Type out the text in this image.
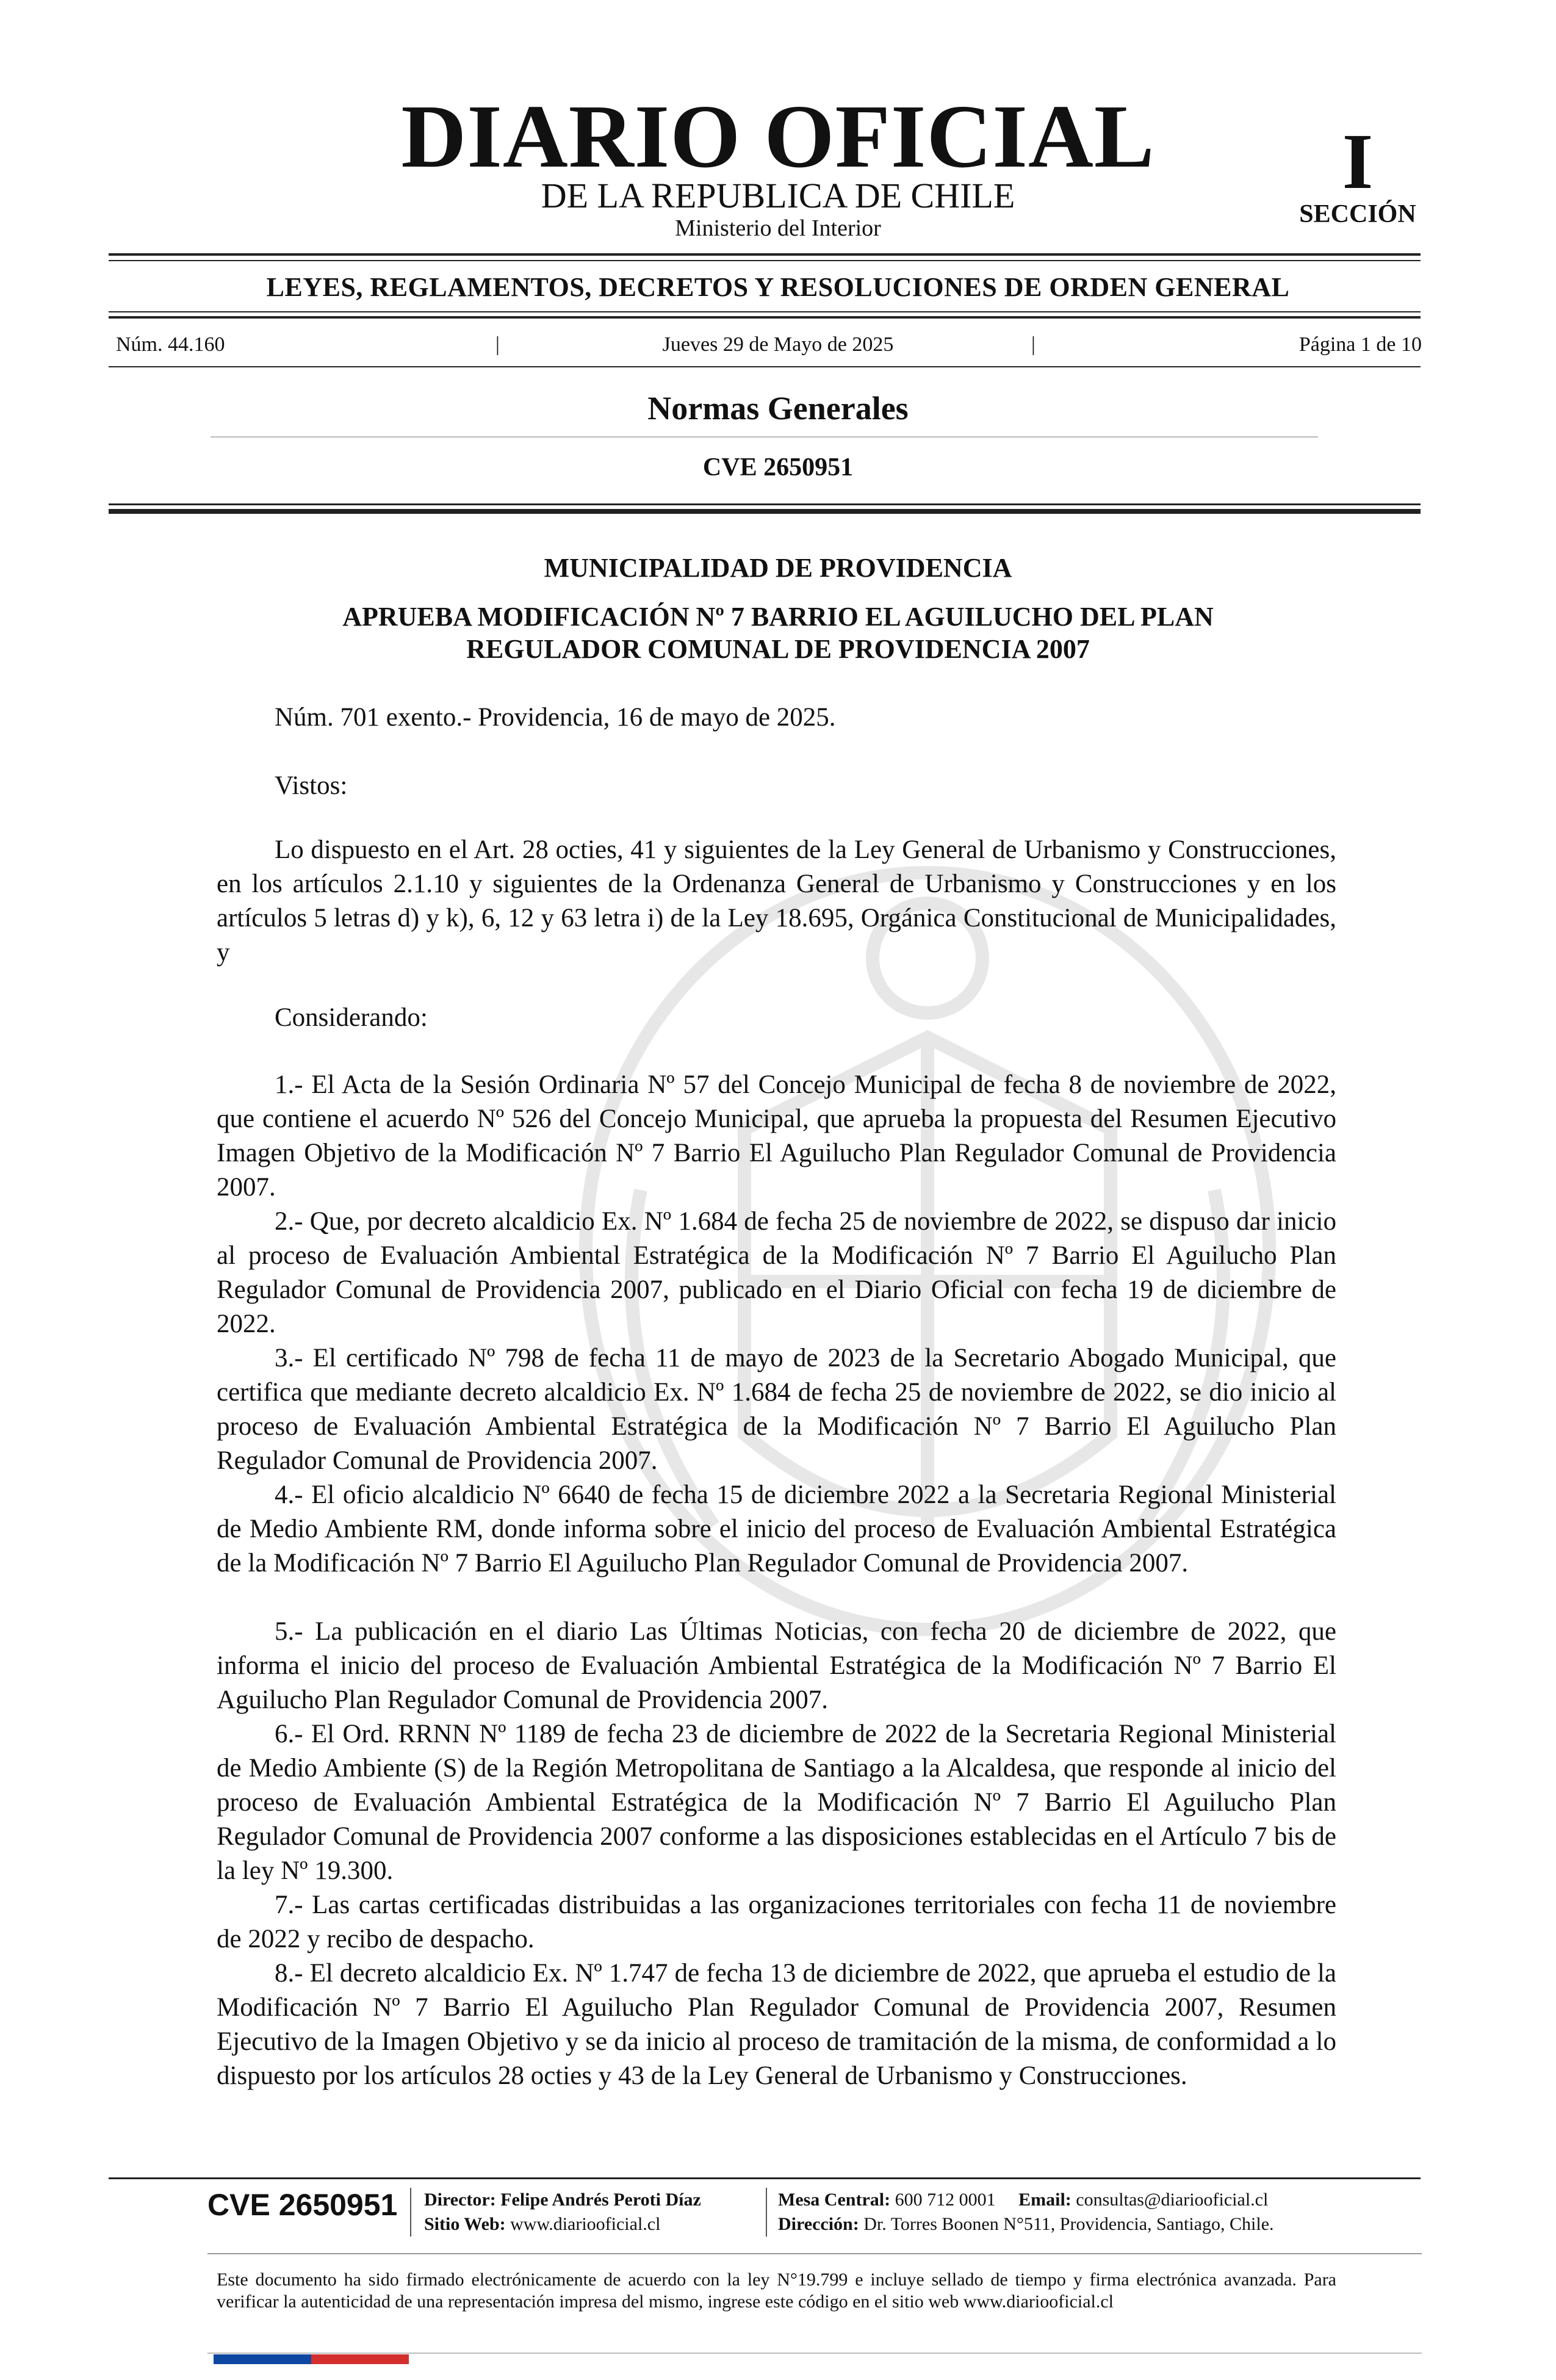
DIARIO OFICIAL
DE LA REPUBLICA DE CHILE
Ministerio del Interior
I
SECCIÓN
LEYES, REGLAMENTOS, DECRETOS Y RESOLUCIONES DE ORDEN GENERAL
Núm. 44.160	|	Jueves 29 de Mayo de 2025	|	Página 1 de 10
Normas Generales
CVE 2650951
MUNICIPALIDAD DE PROVIDENCIA
APRUEBA MODIFICACIÓN Nº 7 BARRIO EL AGUILUCHO DEL PLAN REGULADOR COMUNAL DE PROVIDENCIA 2007
Núm. 701 exento.- Providencia, 16 de mayo de 2025.
Vistos:
Lo dispuesto en el Art. 28 octies, 41 y siguientes de la Ley General de Urbanismo y Construcciones, en los artículos 2.1.10 y siguientes de la Ordenanza General de Urbanismo y Construcciones y en los artículos 5 letras d) y k), 6, 12 y 63 letra i) de la Ley 18.695, Orgánica Constitucional de Municipalidades, y
Considerando:
1.- El Acta de la Sesión Ordinaria Nº 57 del Concejo Municipal de fecha 8 de noviembre de 2022, que contiene el acuerdo Nº 526 del Concejo Municipal, que aprueba la propuesta del Resumen Ejecutivo Imagen Objetivo de la Modificación Nº 7 Barrio El Aguilucho Plan Regulador Comunal de Providencia 2007.
2.- Que, por decreto alcaldicio Ex. Nº 1.684 de fecha 25 de noviembre de 2022, se dispuso dar inicio al proceso de Evaluación Ambiental Estratégica de la Modificación Nº 7 Barrio El Aguilucho Plan Regulador Comunal de Providencia 2007, publicado en el Diario Oficial con fecha 19 de diciembre de 2022.
3.- El certificado Nº 798 de fecha 11 de mayo de 2023 de la Secretario Abogado Municipal, que certifica que mediante decreto alcaldicio Ex. Nº 1.684 de fecha 25 de noviembre de 2022, se dio inicio al proceso de Evaluación Ambiental Estratégica de la Modificación Nº 7 Barrio El Aguilucho Plan Regulador Comunal de Providencia 2007.
4.- El oficio alcaldicio Nº 6640 de fecha 15 de diciembre 2022 a la Secretaria Regional Ministerial de Medio Ambiente RM, donde informa sobre el inicio del proceso de Evaluación Ambiental Estratégica de la Modificación Nº 7 Barrio El Aguilucho Plan Regulador Comunal de Providencia 2007.
5.- La publicación en el diario Las Últimas Noticias, con fecha 20 de diciembre de 2022, que informa el inicio del proceso de Evaluación Ambiental Estratégica de la Modificación Nº 7 Barrio El Aguilucho Plan Regulador Comunal de Providencia 2007.
6.- El Ord. RRNN Nº 1189 de fecha 23 de diciembre de 2022 de la Secretaria Regional Ministerial de Medio Ambiente (S) de la Región Metropolitana de Santiago a la Alcaldesa, que responde al inicio del proceso de Evaluación Ambiental Estratégica de la Modificación Nº 7 Barrio El Aguilucho Plan Regulador Comunal de Providencia 2007 conforme a las disposiciones establecidas en el Artículo 7 bis de la ley Nº 19.300.
7.- Las cartas certificadas distribuidas a las organizaciones territoriales con fecha 11 de noviembre de 2022 y recibo de despacho.
8.- El decreto alcaldicio Ex. Nº 1.747 de fecha 13 de diciembre de 2022, que aprueba el estudio de la Modificación Nº 7 Barrio El Aguilucho Plan Regulador Comunal de Providencia 2007, Resumen Ejecutivo de la Imagen Objetivo y se da inicio al proceso de tramitación de la misma, de conformidad a lo dispuesto por los artículos 28 octies y 43 de la Ley General de Urbanismo y Construcciones.
CVE 2650951 Director: Felipe Andrés Peroti Díaz
Sitio Web: www.diariooficial.cl
Mesa Central: 600 712 0001 Email: consultas@diariooficial.cl
Dirección: Dr. Torres Boonen N°511, Providencia, Santiago, Chile.
Este documento ha sido firmado electrónicamente de acuerdo con la ley N°19.799 e incluye sellado de tiempo y firma electrónica avanzada. Para verificar la autenticidad de una representación impresa del mismo, ingrese este código en el sitio web www.diariooficial.cl
